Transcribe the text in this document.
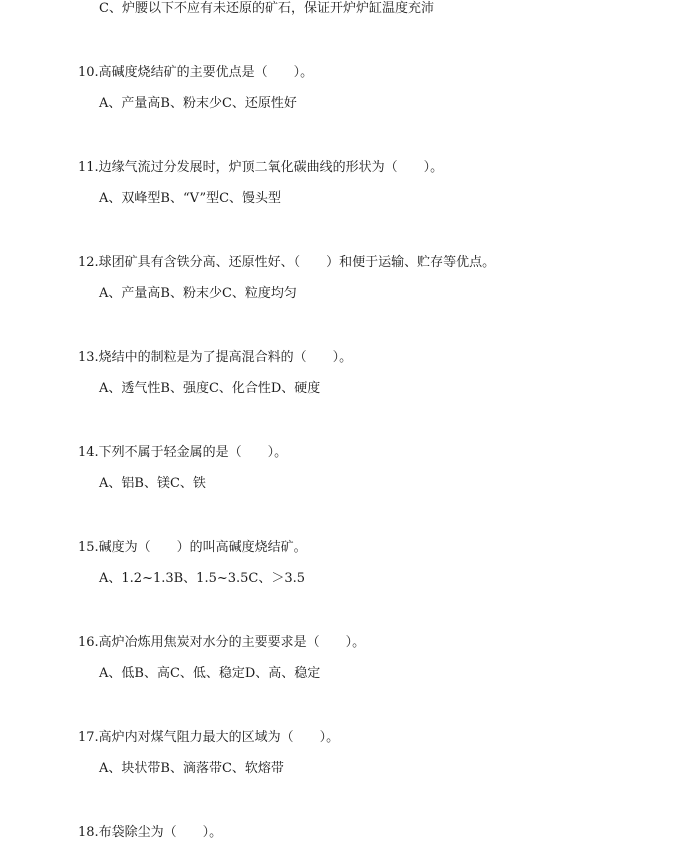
C、炉腰以下不应有未还原的矿石，保证开炉炉缸温度充沛
10.高碱度烧结矿的主要优点是（　　）。
A、产量高B、粉末少C、还原性好
11.边缘气流过分发展时，炉顶二氧化碳曲线的形状为（　　）。
A、双峰型B、“V”型C、馒头型
12.球团矿具有含铁分高、还原性好、（　　）和便于运输、贮存等优点。
A、产量高B、粉末少C、粒度均匀
13.烧结中的制粒是为了提高混合料的（　　）。
A、透气性B、强度C、化合性D、硬度
14.下列不属于轻金属的是（　　）。
A、铝B、镁C、铁
15.碱度为（　　）的叫高碱度烧结矿。
A、1.2~1.3B、1.5~3.5C、＞3.5
16.高炉冶炼用焦炭对水分的主要要求是（　　）。
A、低B、高C、低、稳定D、高、稳定
17.高炉内对煤气阻力最大的区域为（　　）。
A、块状带B、滴落带C、软熔带
18.布袋除尘为（　　）。
